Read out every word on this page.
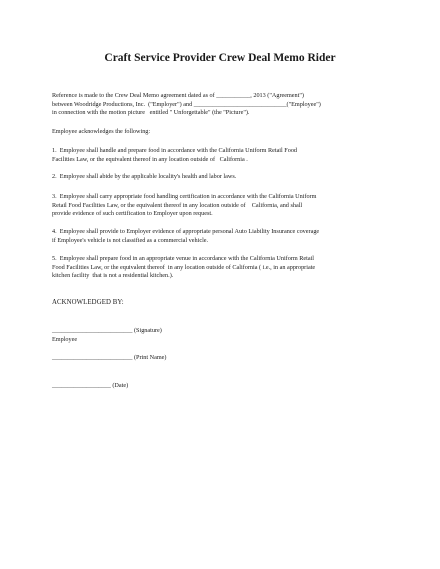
Craft Service Provider Crew Deal Memo Rider
Reference is made to the Crew Deal Memo agreement dated as of ___________, 2013 ("Agreement")
between Woodridge Productions, Inc.  ("Employer") and ______________________________("Employee")
in connection with the motion picture   entitled " Unforgettable" (the "Picture").
Employee acknowledges the following:
1.  Employee shall handle and prepare food in accordance with the California Uniform Retail Food
Facilities Law, or the equivalent thereof in any location outside of   California .
2.  Employee shall abide by the applicable locality's health and labor laws.
3.  Employee shall carry appropriate food handling certification in accordance with the California Uniform
Retail Food Facilities Law, or the equivalent thereof in any location outside of    California, and shall
provide evidence of such certification to Employer upon request.
4.  Employee shall provide to Employer evidence of appropriate personal Auto Liability Insurance coverage
if Employee's vehicle is not classified as a commercial vehicle.
5.  Employee shall prepare food in an appropriate venue in accordance with the California Uniform Retail
Food Facilities Law, or the equivalent thereof  in any location outside of California ( i.e., in an appropriate
kitchen facility  that is not a residential kitchen.).
ACKNOWLEDGED BY:
__________________________ (Signature)
Employee
__________________________ (Print Name)
___________________ (Date)
